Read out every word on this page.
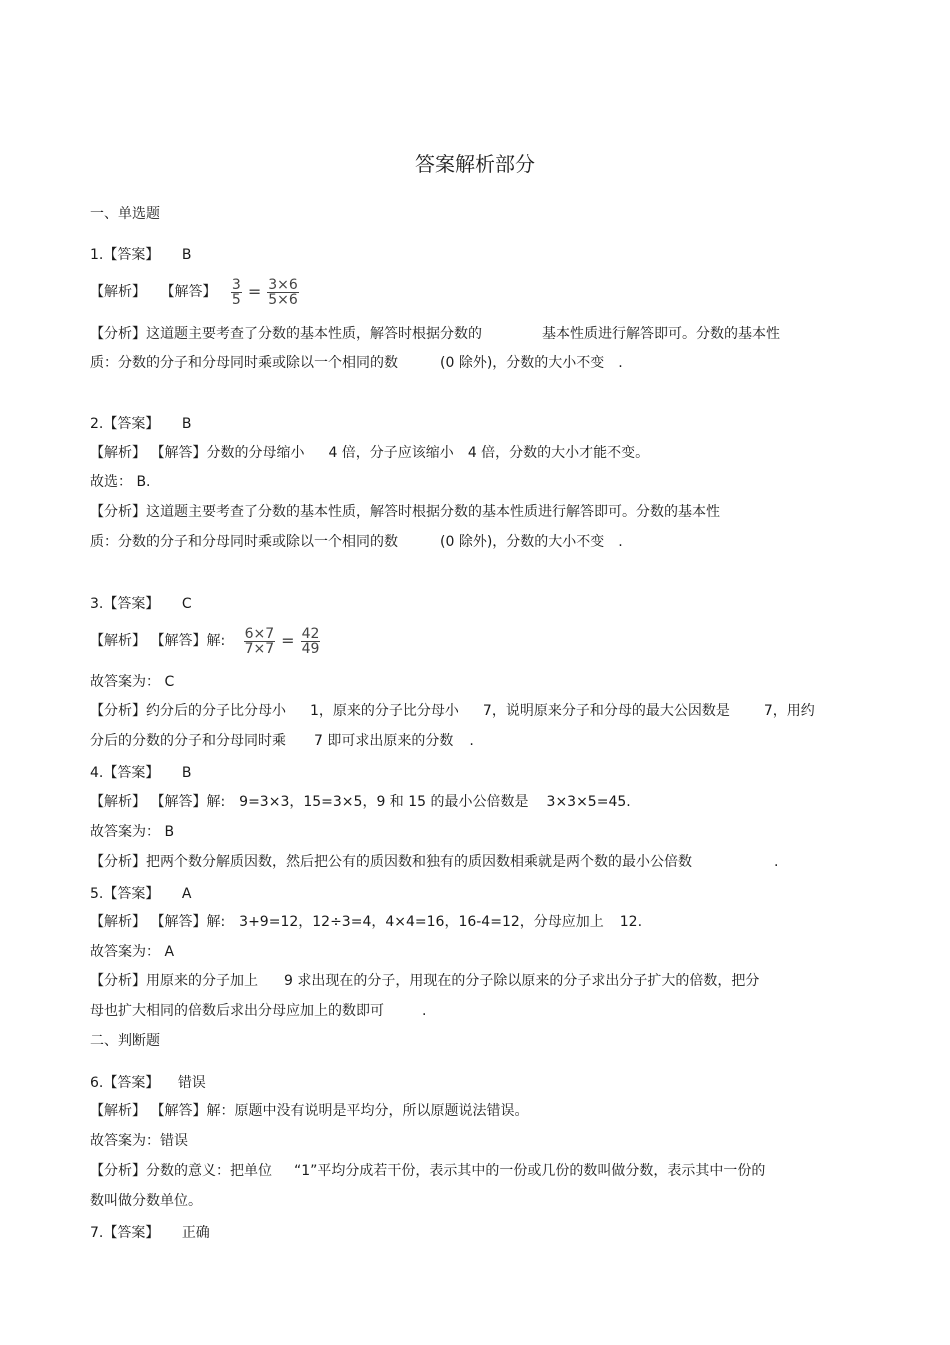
答案解析部分
一、单选题
1.【答案】 B
【解析】 【解答】 $\frac{3}{5} = \frac{3\times 6}{5\times 6}$
【分析】这道题主要考查了分数的基本性质，解答时根据分数的	基本性质进行解答即可。分数的基本性
质：分数的分子和分母同时乘或除以一个相同的数	(0 除外)，分数的大小不变 .
2.【答案】 B
【解析】 【解答】分数的分母缩小 4 倍，分子应该缩小 4 倍，分数的大小才能不变。
故选： B.
【分析】这道题主要考查了分数的基本性质，解答时根据分数的基本性质进行解答即可。分数的基本性
质：分数的分子和分母同时乘或除以一个相同的数	(0 除外)，分数的大小不变 .
3.【答案】 C
【解析】 【解答】解: $\frac{6\times 7}{7\times 7} = \frac{42}{49}$
故答案为： C
【分析】约分后的分子比分母小 1，原来的分子比分母小 7，说明原来分子和分母的最大公因数是 7，用约
分后的分数的分子和分母同时乘 7 即可求出原来的分数 .
4.【答案】 B
【解析】 【解答】解: 9=3×3，15=3×5，9 和 15 的最小公倍数是 3×3×5=45.
故答案为： B
【分析】把两个数分解质因数，然后把公有的质因数和独有的质因数相乘就是两个数的最小公倍数	.
5.【答案】 A
【解析】 【解答】解: 3+9=12，12÷3=4，4×4=16，16-4=12，分母应加上 12.
故答案为： A
【分析】用原来的分子加上 9 求出现在的分子，用现在的分子除以原来的分子求出分子扩大的倍数，把分
母也扩大相同的倍数后求出分母应加上的数即可	.
二、判断题
6.【答案】 错误
【解析】 【解答】解：原题中没有说明是平均分，所以原题说法错误。
故答案为：错误
【分析】分数的意义：把单位 “1”平均分成若干份，表示其中的一份或几份的数叫做分数，表示其中一份的
数叫做分数单位。
7.【答案】 正确
